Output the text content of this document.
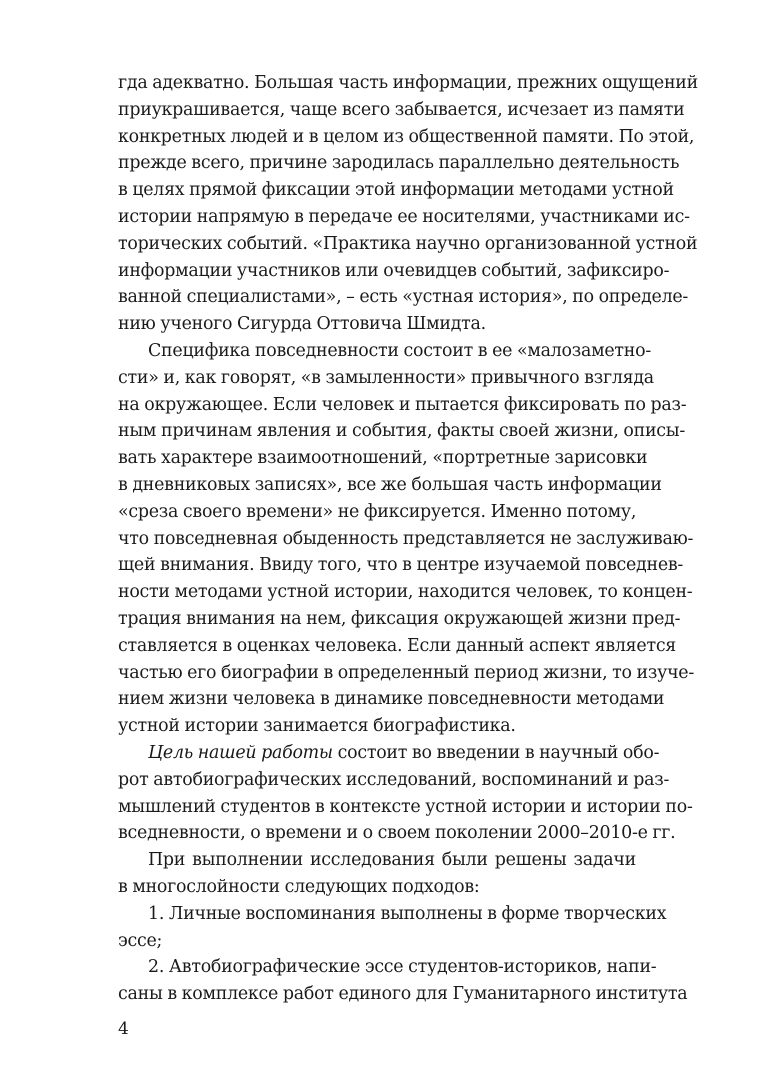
гда адекватно. Большая часть информации, прежних ощущений
приукрашивается, чаще всего забывается, исчезает из памяти
конкретных людей и в целом из общественной памяти. По этой,
прежде всего, причине зародилась параллельно деятельность
в целях прямой фиксации этой информации методами устной
истории напрямую в передаче ее носителями, участниками ис-
торических событий. «Практика научно организованной устной
информации участников или очевидцев событий, зафиксиро-
ванной специалистами», – есть «устная история», по определе-
нию ученого Сигурда Оттовича Шмидта.
Специфика повседневности состоит в ее «малозаметно-
сти» и, как говорят, «в замыленности» привычного взгляда
на окружающее. Если человек и пытается фиксировать по раз-
ным причинам явления и события, факты своей жизни, описы-
вать характере взаимоотношений, «портретные зарисовки
в дневниковых записях», все же большая часть информации
«среза своего времени» не фиксируется. Именно потому,
что повседневная обыденность представляется не заслуживаю-
щей внимания. Ввиду того, что в центре изучаемой повседнев-
ности методами устной истории, находится человек, то концен-
трация внимания на нем, фиксация окружающей жизни пред-
ставляется в оценках человека. Если данный аспект является
частью его биографии в определенный период жизни, то изуче-
нием жизни человека в динамике повседневности методами
устной истории занимается биографистика.
Цель нашей работы состоит во введении в научный обо-
рот автобиографических исследований, воспоминаний и раз-
мышлений студентов в контексте устной истории и истории по-
вседневности, о времени и о своем поколении 2000–2010-е гг.
При выполнении исследования были решены задачи
в многослойности следующих подходов:
1. Личные воспоминания выполнены в форме творческих
эссе;
2. Автобиографические эссе студентов-историков, напи-
саны в комплексе работ единого для Гуманитарного института
4
